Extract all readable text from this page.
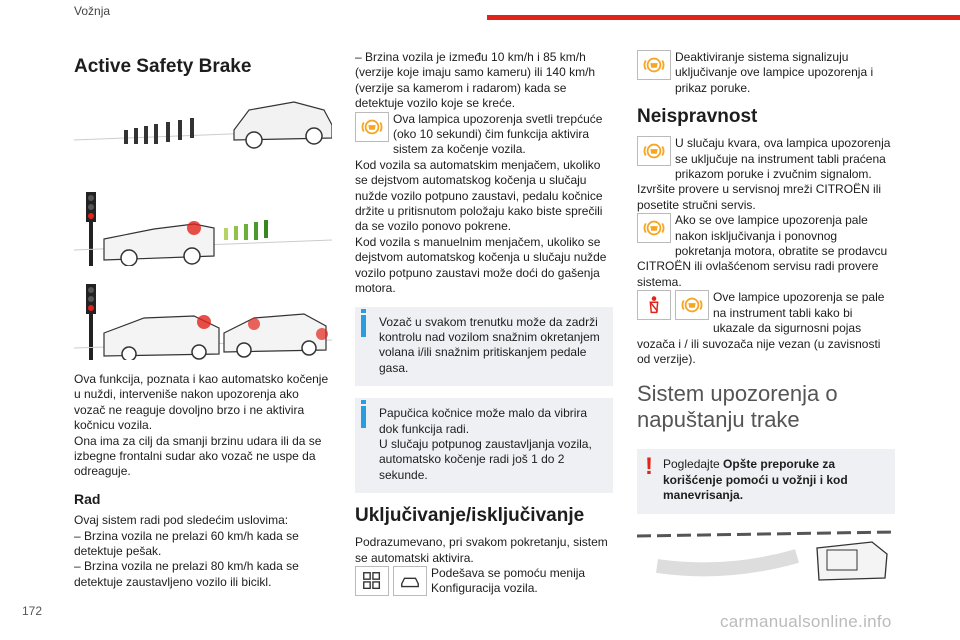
Vožnja
Active Safety Brake

Ova funkcija, poznata i kao automatsko kočenje u nuždi, interveniše nakon upozorenja ako vozač ne reaguje dovoljno brzo i ne aktivira kočnicu vozila.

Ona ima za cilj da smanji brzinu udara ili da se izbegne frontalni sudar ako vozač ne uspe da odreaguje.

Rad

Ovaj sistem radi pod sledećim uslovima:

– Brzina vozila ne prelazi 60 km/h kada se detektuje pešak.

– Brzina vozila ne prelazi 80 km/h kada se detektuje zaustavljeno vozilo ili bicikl.

– Brzina vozila je između 10 km/h i 85 km/h (verzije koje imaju samo kameru) ili 140 km/h (verzije sa kamerom i radarom) kada se detektuje vozilo koje se kreće.

Ova lampica upozorenja svetli trepćuće (oko 10 sekundi) čim funkcija aktivira sistem za kočenje vozila.

Kod vozila sa automatskim menjačem, ukoliko se dejstvom automatskog kočenja u slučaju nužde vozilo potpuno zaustavi, pedalu kočnice držite u pritisnutom položaju kako biste sprečili da se vozilo ponovo pokrene.

Kod vozila s manuelnim menjačem, ukoliko se dejstvom automatskog kočenja u slučaju nužde vozilo potpuno zaustavi može doći do gašenja motora.

Vozač u svakom trenutku može da zadrži kontrolu nad vozilom snažnim okretanjem volana i/ili snažnim pritiskanjem pedale gasa.

Papučica kočnice može malo da vibrira dok funkcija radi.

U slučaju potpunog zaustavljanja vozila, automatsko kočenje radi još 1 do 2 sekunde.

Uključivanje/isključivanje

Podrazumevano, pri svakom pokretanju, sistem se automatski aktivira.

Podešava se pomoću menija Konfiguracija vozila.
Deaktiviranje sistema signalizuju uključivanje ove lampice upozorenja i prikaz poruke.
Neispravnost
U slučaju kvara, ova lampica upozorenja se uključuje na instrument tabli praćena prikazom poruke i zvučnim signalom.

Izvršite provere u servisnoj mreži CITROËN ili posetite stručni servis.

Ako se ove lampice upozorenja pale nakon isključivanja i ponovnog pokretanja motora, obratite se prodavcu CITROËN ili ovlašćenom servisu radi provere sistema.
Ove lampice upozorenja se pale na instrument tabli kako bi ukazale da sigurnosni pojas vozača i / ili suvozača nije vezan (u zavisnosti od verzije).
Sistem upozorenja o napuštanju trake
! Pogledajte Opšte preporuke za korišćenje pomoći u vožnji i kod manevrisanja.

172
carmanualsonline.info
